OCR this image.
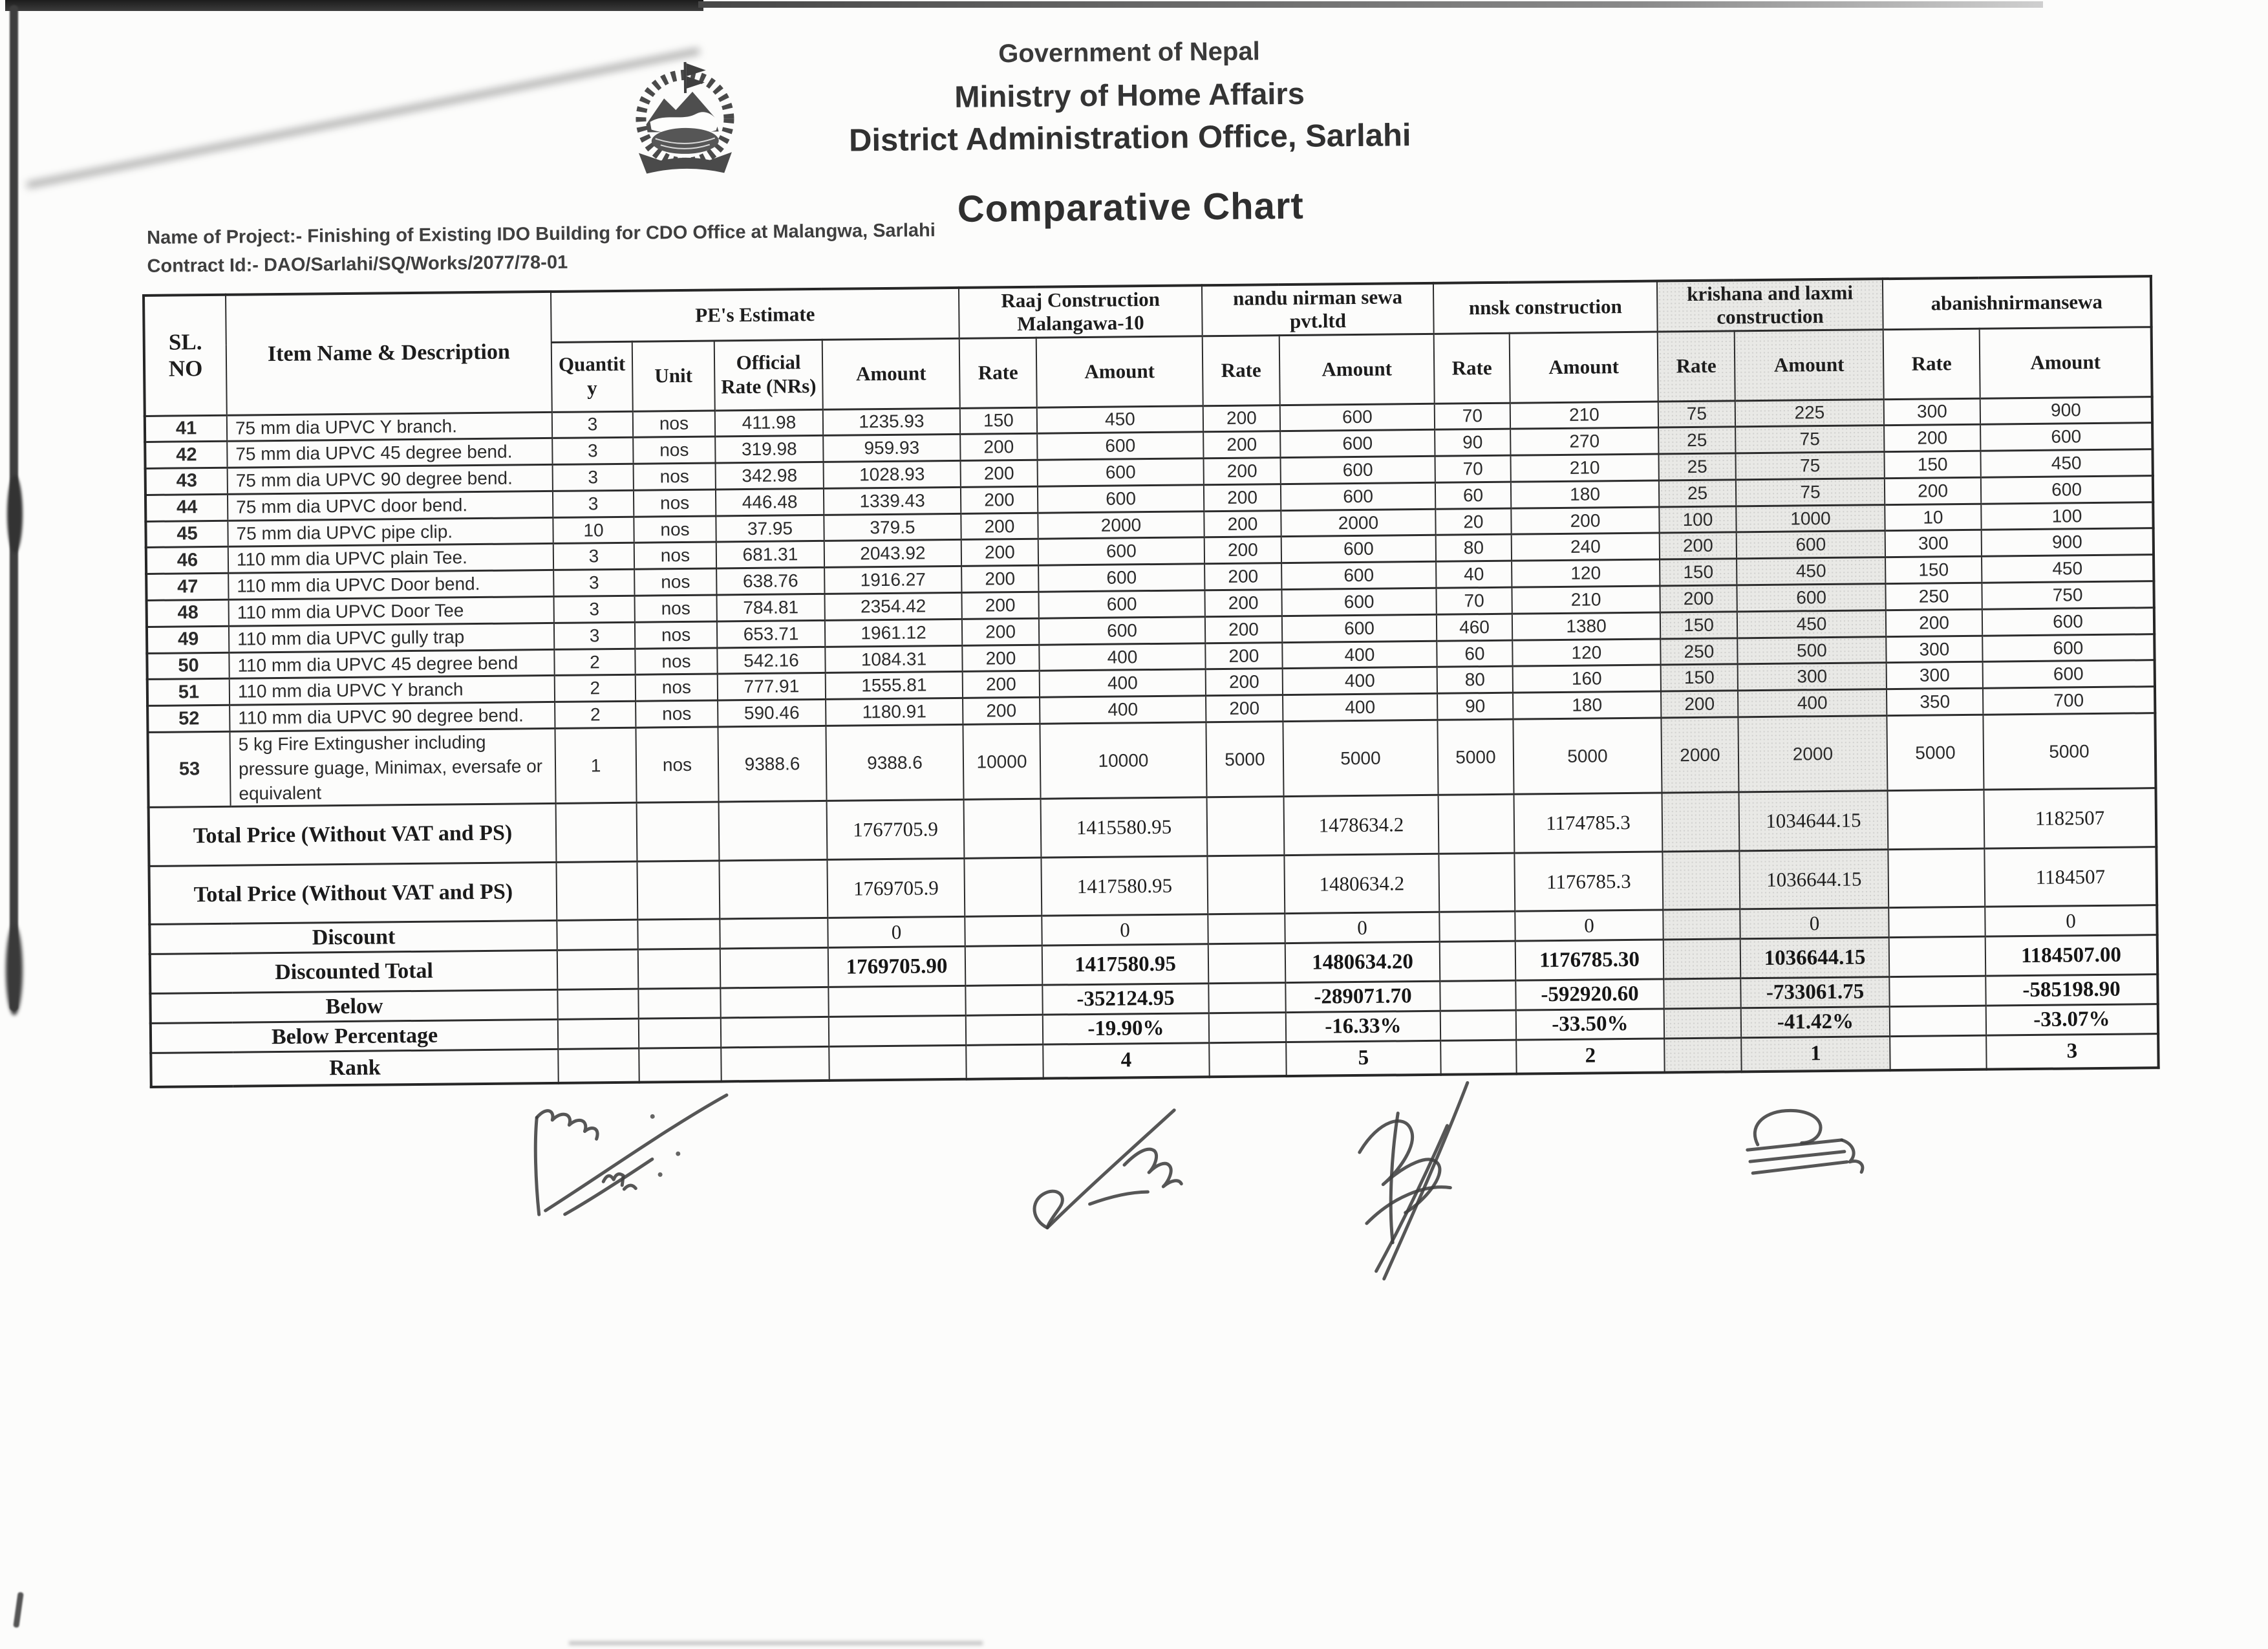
Government of Nepal
Ministry of Home Affairs
District Administration Office, Sarlahi
Comparative Chart
Name of Project:- Finishing of Existing IDO Building for CDO Office at Malangwa, Sarlahi
Contract Id:- DAO/Sarlahi/SQ/Works/2077/78-01
SL. NO	Item Name & Description	PE's Estimate				Raaj Construction Malangawa-10		nandu nirman sewa pvt.ltd		nnsk construction		krishana and laxmi construction		abanishnirmansewa	
		Quantity	Unit	Official Rate (NRs)	Amount	Rate	Amount	Rate	Amount	Rate	Amount	Rate	Amount	Rate	Amount
41	75 mm dia UPVC Y branch.	3	nos	411.98	1235.93	150	450	200	600	70	210	75	225	300	900
42	75 mm dia UPVC 45 degree bend.	3	nos	319.98	959.93	200	600	200	600	90	270	25	75	200	600
43	75 mm dia UPVC 90 degree bend.	3	nos	342.98	1028.93	200	600	200	600	70	210	25	75	150	450
44	75 mm dia UPVC door bend.	3	nos	446.48	1339.43	200	600	200	600	60	180	25	75	200	600
45	75 mm dia UPVC pipe clip.	10	nos	37.95	379.5	200	2000	200	2000	20	200	100	1000	10	100
46	110 mm dia UPVC plain Tee.	3	nos	681.31	2043.92	200	600	200	600	80	240	200	600	300	900
47	110 mm dia UPVC Door bend.	3	nos	638.76	1916.27	200	600	200	600	40	120	150	450	150	450
48	110 mm dia UPVC Door Tee	3	nos	784.81	2354.42	200	600	200	600	70	210	200	600	250	750
49	110 mm dia UPVC gully trap	3	nos	653.71	1961.12	200	600	200	600	460	1380	150	450	200	600
50	110 mm dia UPVC 45 degree bend	2	nos	542.16	1084.31	200	400	200	400	60	120	250	500	300	600
51	110 mm dia UPVC Y branch	2	nos	777.91	1555.81	200	400	200	400	80	160	150	300	300	600
52	110 mm dia UPVC 90 degree bend.	2	nos	590.46	1180.91	200	400	200	400	90	180	200	400	350	700
53	5 kg Fire Extingusher including pressure guage, Minimax, eversafe or equivalent	1	nos	9388.6	9388.6	10000	10000	5000	5000	5000	5000	2000	2000	5000	5000
Total Price (Without VAT and PS)					1767705.9		1415580.95		1478634.2		1174785.3		1034644.15		1182507
Total Price (Without VAT and PS)					1769705.9		1417580.95		1480634.2		1176785.3		1036644.15		1184507
Discount					0		0		0		0		0		0
Discounted Total					1769705.90		1417580.95		1480634.20		1176785.30		1036644.15		1184507.00
Below							-352124.95		-289071.70		-592920.60		-733061.75		-585198.90
Below Percentage							-19.90%		-16.33%		-33.50%		-41.42%		-33.07%
Rank							4		5		2		1		3
